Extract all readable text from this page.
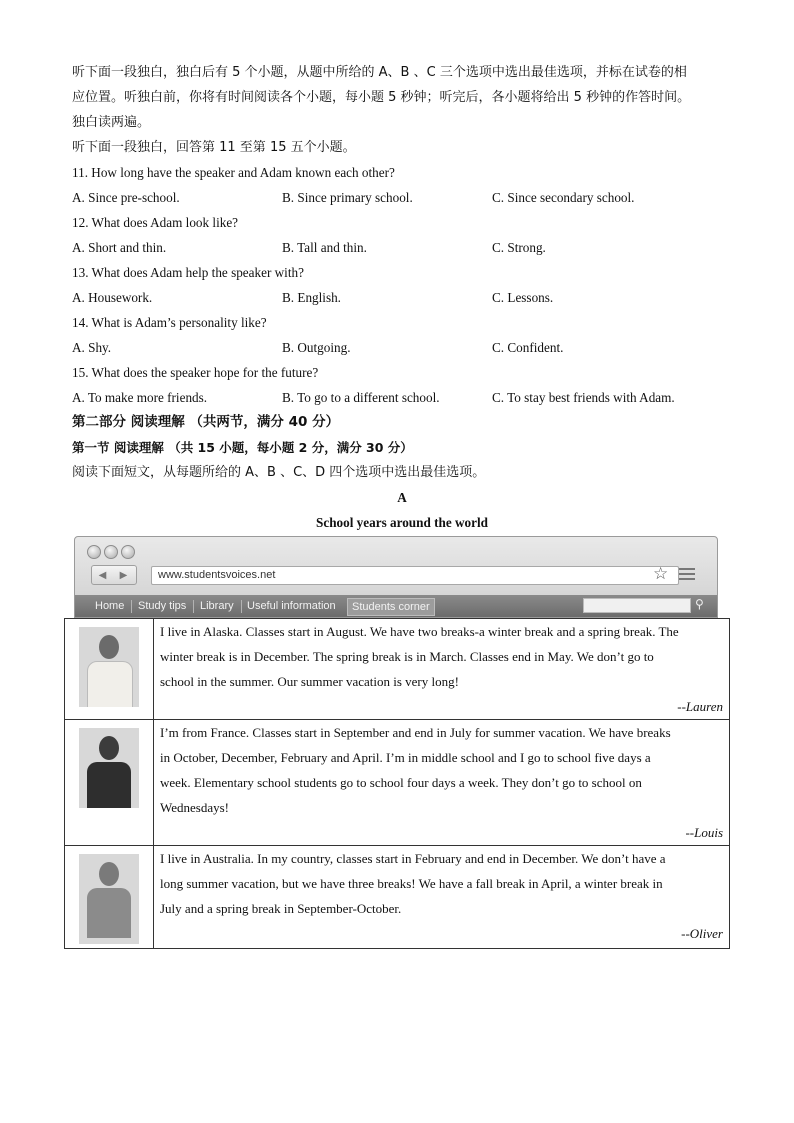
听下面一段独白，独白后有 5 个小题，从题中所给的 A、B 、C 三个选项中选出最佳选项，并标在试卷的相
应位置。听独白前，你将有时间阅读各个小题，每小题 5 秒钟；听完后，各小题将给出 5 秒钟的作答时间。
独白读两遍。
听下面一段独白，回答第 11 至第 15 五个小题。
11. How long have the speaker and Adam known each other?
A. Since pre-school.	B. Since primary school.	C. Since secondary school.
12. What does Adam look like?
A. Short and thin.	B. Tall and thin.	C. Strong.
13. What does Adam help the speaker with?
A. Housework.	B. English.	C. Lessons.
14. What is Adam’s personality like?
A. Shy.	B. Outgoing.	C. Confident.
15. What does the speaker hope for the future?
A. To make more friends.	B. To go to a different school.	C. To stay best friends with Adam.
第二部分 阅读理解 （共两节，满分 40 分）
第一节 阅读理解 （共 15 小题，每小题 2 分，满分 30 分）
阅读下面短文，从每题所给的 A、B 、C、D 四个选项中选出最佳选项。
A
School years around the world
◀ ▶	www.studentsvoices.net	☆
Home	Study tips	Library	Useful information	Students corner	⚲

	I live in Alaska. Classes start in August. We have two breaks-a winter break and a spring break. The
winter break is in December. The spring break is in March. Classes end in May. We don’t go to
school in the summer. Our summer vacation is very long!
--Lauren

	I’m from France. Classes start in September and end in July for summer vacation. We have breaks
in October, December, February and April. I’m in middle school and I go to school five days a
week. Elementary school students go to school four days a week. They don’t go to school on
Wednesdays!
--Louis

	I live in Australia. In my country, classes start in February and end in December. We don’t have a
long summer vacation, but we have three breaks! We have a fall break in April, a winter break in
July and a spring break in September-October.
--Oliver
